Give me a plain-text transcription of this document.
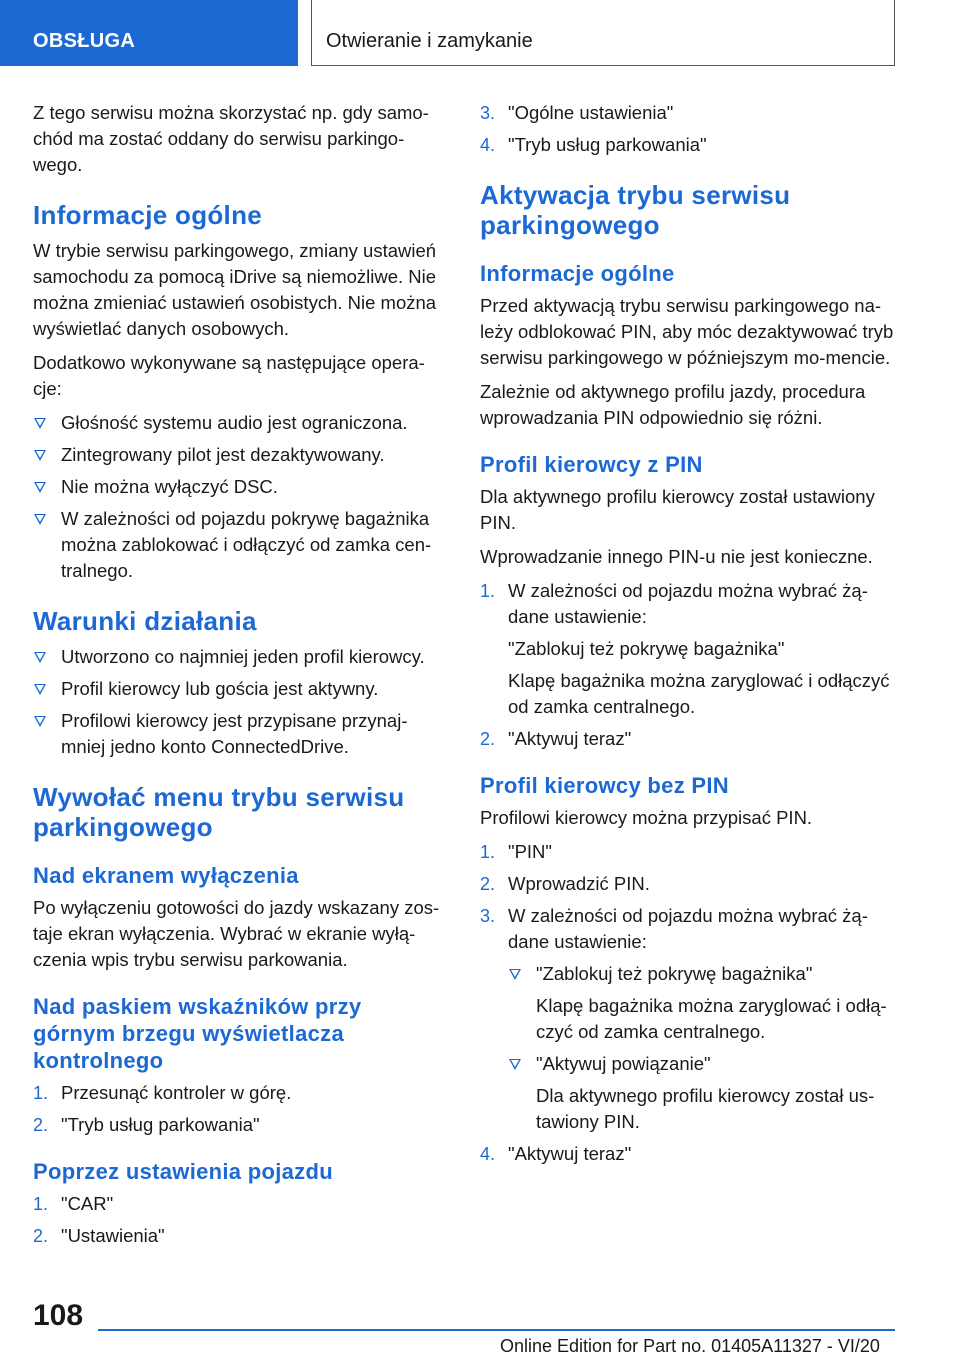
OBSŁUGA	Otwieranie i zamykanie

Z tego serwisu można skorzystać np. gdy samo-chód ma zostać oddany do serwisu parkingo-wego.

Informacje ogólne

W trybie serwisu parkingowego, zmiany ustawień samochodu za pomocą iDrive są niemożliwe. Nie można zmieniać ustawień osobistych. Nie można wyświetlać danych osobowych.

Dodatkowo wykonywane są następujące opera-cje:

Głośność systemu audio jest ograniczona.
Zintegrowany pilot jest dezaktywowany.
Nie można wyłączyć DSC.
W zależności od pojazdu pokrywę bagażnika można zablokować i odłączyć od zamka cen-tralnego.
Warunki działania
Utworzono co najmniej jeden profil kierowcy.
Profil kierowcy lub gościa jest aktywny.
Profilowi kierowcy jest przypisane przynaj-mniej jedno konto ConnectedDrive.
Wywołać menu trybu serwisu parkingowego
Nad ekranem wyłączenia

Po wyłączeniu gotowości do jazdy wskazany zos-taje ekran wyłączenia. Wybrać w ekranie wyłą-czenia wpis trybu serwisu parkowania.

Nad paskiem wskaźników przy górnym brzegu wyświetlacza kontrolnego
1. Przesunąć kontroler w górę.
2. "Tryb usług parkowania"
Poprzez ustawienia pojazdu
1. "CAR"
2. "Ustawienia"
3. "Ogólne ustawienia"
4. "Tryb usług parkowania"
Aktywacja trybu serwisu parkingowego
Informacje ogólne

Przed aktywacją trybu serwisu parkingowego na-leży odblokować PIN, aby móc dezaktywować tryb serwisu parkingowego w późniejszym mo-mencie.

Zależnie od aktywnego profilu jazdy, procedura wprowadzania PIN odpowiednio się różni.

Profil kierowcy z PIN

Dla aktywnego profilu kierowcy został ustawiony PIN.

Wprowadzanie innego PIN-u nie jest konieczne.

1. W zależności od pojazdu można wybrać żą-dane ustawienie:
"Zablokuj też pokrywę bagażnika"
Klapę bagażnika można zaryglować i odłączyć od zamka centralnego.
2. "Aktywuj teraz"
Profil kierowcy bez PIN

Profilowi kierowcy można przypisać PIN.

1. "PIN"
2. Wprowadzić PIN.
3. W zależności od pojazdu można wybrać żą-dane ustawienie:
"Zablokuj też pokrywę bagażnika"
Klapę bagażnika można zaryglować i odłą-czyć od zamka centralnego.
"Aktywuj powiązanie"
Dla aktywnego profilu kierowcy został us-tawiony PIN.
4. "Aktywuj teraz"
108
Online Edition for Part no. 01405A11327 - VI/20
